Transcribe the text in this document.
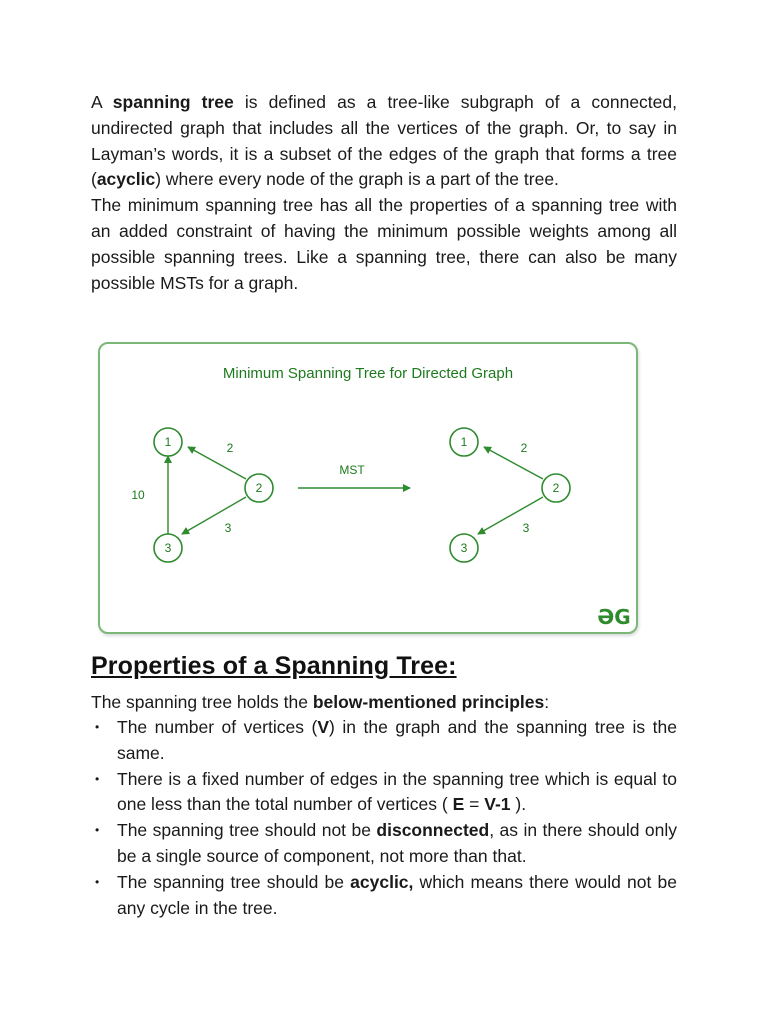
A spanning tree is defined as a tree-like subgraph of a connected, undirected graph that includes all the vertices of the graph. Or, to say in Layman’s words, it is a subset of the edges of the graph that forms a tree (acyclic) where every node of the graph is a part of the tree.

The minimum spanning tree has all the properties of a spanning tree with an added constraint of having the minimum possible weights among all possible spanning trees. Like a spanning tree, there can also be many possible MSTs for a graph.

Minimum Spanning Tree for Directed Graph
1
2
3
2
3
10
MST
1
2
3
2
3
ƏG
Properties of a Spanning Tree:

The spanning tree holds the below-mentioned principles:

• The number of vertices (V) in the graph and the spanning tree is the same.
• There is a fixed number of edges in the spanning tree which is equal to one less than the total number of vertices ( E = V-1 ).
• The spanning tree should not be disconnected, as in there should only be a single source of component, not more than that.
• The spanning tree should be acyclic, which means there would not be any cycle in the tree.
